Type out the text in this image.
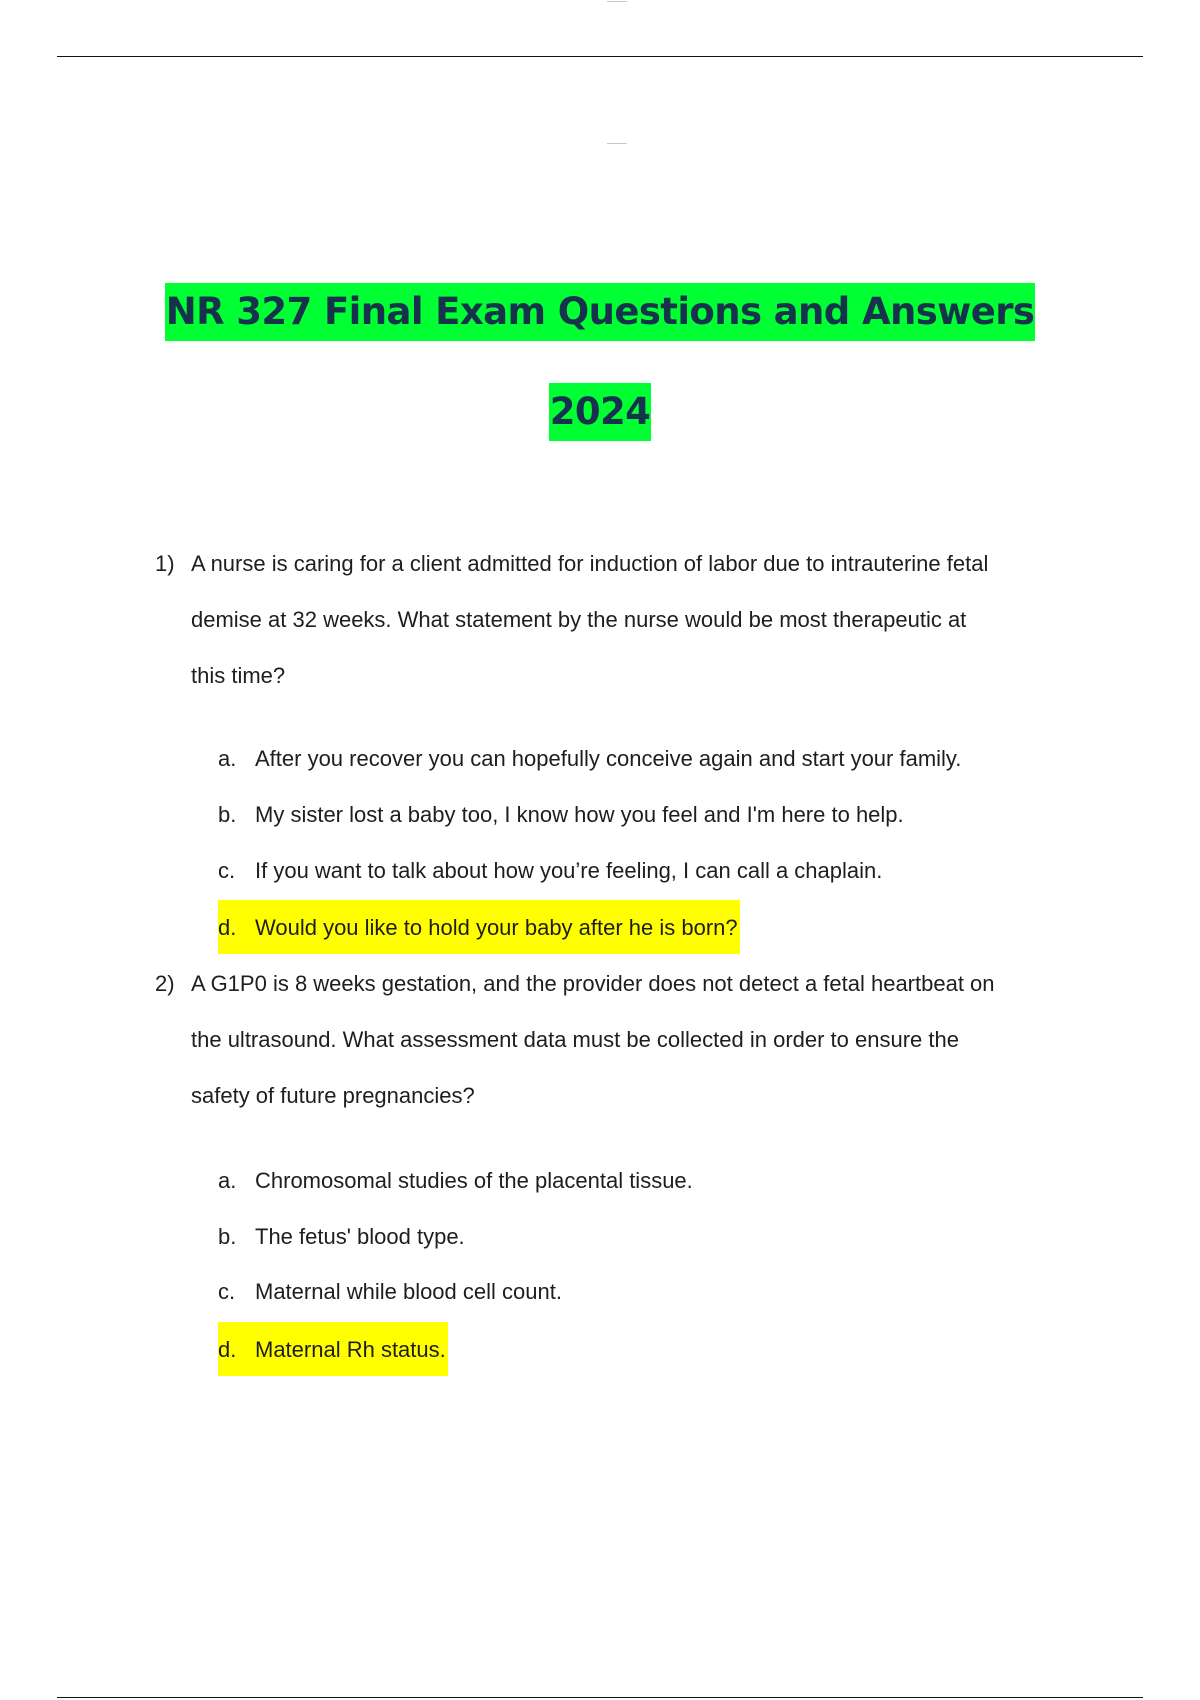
NR 327 Final Exam Questions and Answers
2024
1) A nurse is caring for a client admitted for induction of labor due to intrauterine fetal
demise at 32 weeks. What statement by the nurse would be most therapeutic at
this time?
a. After you recover you can hopefully conceive again and start your family.
b. My sister lost a baby too, I know how you feel and I'm here to help.
c. If you want to talk about how you’re feeling, I can call a chaplain.
d. Would you like to hold your baby after he is born?
2) A G1P0 is 8 weeks gestation, and the provider does not detect a fetal heartbeat on
the ultrasound. What assessment data must be collected in order to ensure the
safety of future pregnancies?
a. Chromosomal studies of the placental tissue.
b. The fetus' blood type.
c. Maternal while blood cell count.
d. Maternal Rh status.
